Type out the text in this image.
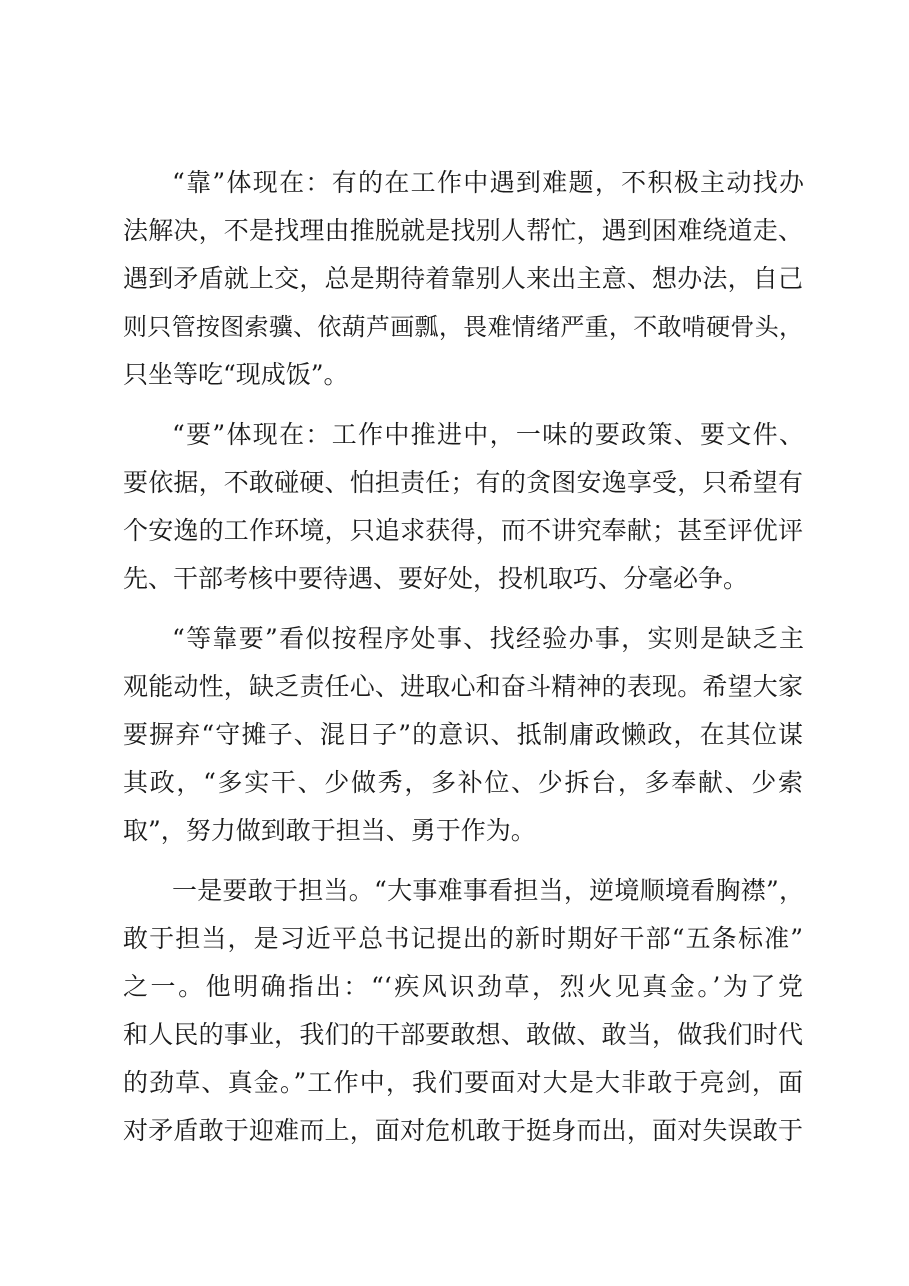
“靠”体现在：有的在工作中遇到难题，不积极主动找办
法解决，不是找理由推脱就是找别人帮忙，遇到困难绕道走、
遇到矛盾就上交，总是期待着靠别人来出主意、想办法，自己
则只管按图索骥、依葫芦画瓢，畏难情绪严重，不敢啃硬骨头，
只坐等吃“现成饭”。
“要”体现在：工作中推进中，一味的要政策、要文件、
要依据，不敢碰硬、怕担责任；有的贪图安逸享受，只希望有
个安逸的工作环境，只追求获得，而不讲究奉献；甚至评优评
先、干部考核中要待遇、要好处，投机取巧、分毫必争。
“等靠要”看似按程序处事、找经验办事，实则是缺乏主
观能动性，缺乏责任心、进取心和奋斗精神的表现。希望大家
要摒弃“守摊子、混日子”的意识、抵制庸政懒政，在其位谋
其政，“多实干、少做秀，多补位、少拆台，多奉献、少索
取”，努力做到敢于担当、勇于作为。
一是要敢于担当。“大事难事看担当，逆境顺境看胸襟”，
敢于担当，是习近平总书记提出的新时期好干部“五条标准”
之一。他明确指出：“‘疾风识劲草，烈火见真金。’为了党
和人民的事业，我们的干部要敢想、敢做、敢当，做我们时代
的劲草、真金。”工作中，我们要面对大是大非敢于亮剑，面
对矛盾敢于迎难而上，面对危机敢于挺身而出，面对失误敢于
